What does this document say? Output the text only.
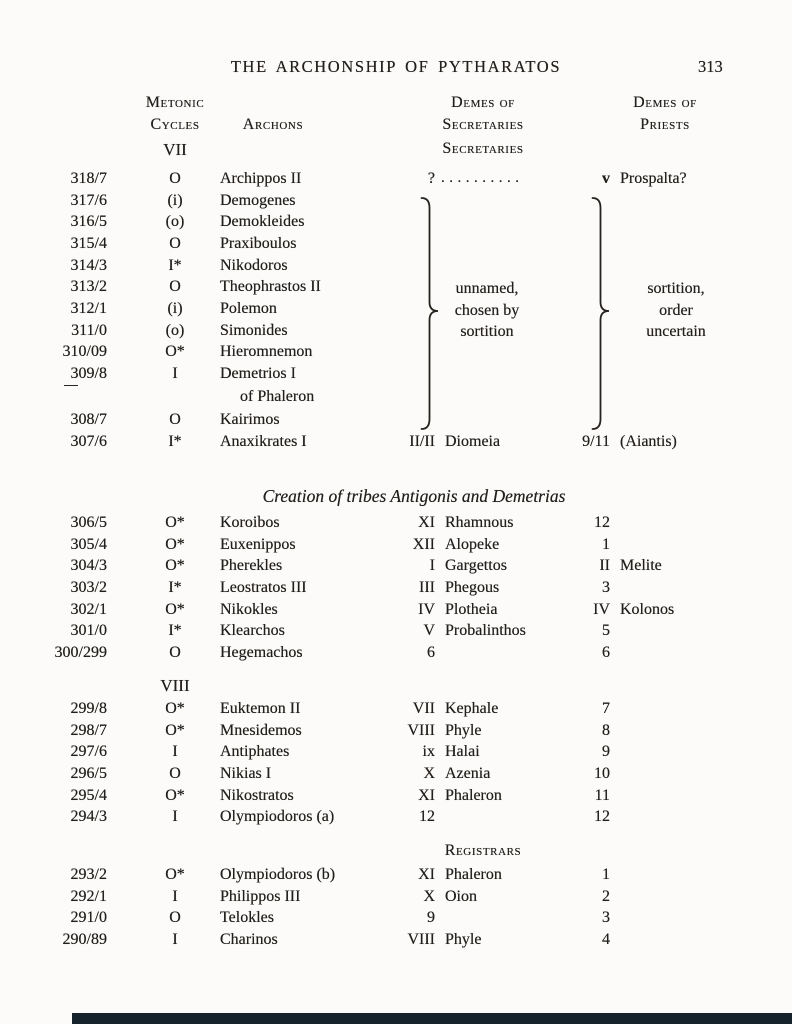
THE ARCHONSHIP OF PYTHARATOS	313
Metonic
Cycles	Archons
Demes of
Secretaries
Demes of
Priests
VII	Secretaries
318/7	O	Archippos II	? ..........	v Prospalta?
317/6	(i)	Demogenes
316/5	(o)	Demokleides
315/4	O	Praxiboulos
314/3	I*	Nikodoros
313/2	O	Theophrastos II
312/1	(i)	Polemon
311/0	(o)	Simonides
310/09	O*	Hieromnemon
309/8	I	Demetrios I
of Phaleron
308/7	O	Kairimos
307/6	I*	Anaxikrates I	II/II Diomeia	9/11 (Aiantis)
unnamed,
chosen by
sortition
sortition,
order
uncertain
Creation of tribes Antigonis and Demetrias
306/5	O*	Koroibos	XI Rhamnous	12
305/4	O*	Euxenippos	XII Alopeke	1
304/3	O*	Pherekles	I Gargettos	II Melite
303/2	I*	Leostratos III	III Phegous	3
302/1	O*	Nikokles	IV Plotheia	IV Kolonos
301/0	I*	Klearchos	V Probalinthos	5
300/299	O	Hegemachos	6	6
VIII
299/8	O*	Euktemon II	VII Kephale	7
298/7	O*	Mnesidemos	VIII Phyle	8
297/6	I	Antiphates	ix Halai	9
296/5	O	Nikias I	X Azenia	10
295/4	O*	Nikostratos	XI Phaleron	11
294/3	I	Olympiodoros (a)	12	12
Registrars
293/2	O*	Olympiodoros (b)	XI Phaleron	1
292/1	I	Philippos III	X Oion	2
291/0	O	Telokles	9	3
290/89	I	Charinos	VIII Phyle	4
